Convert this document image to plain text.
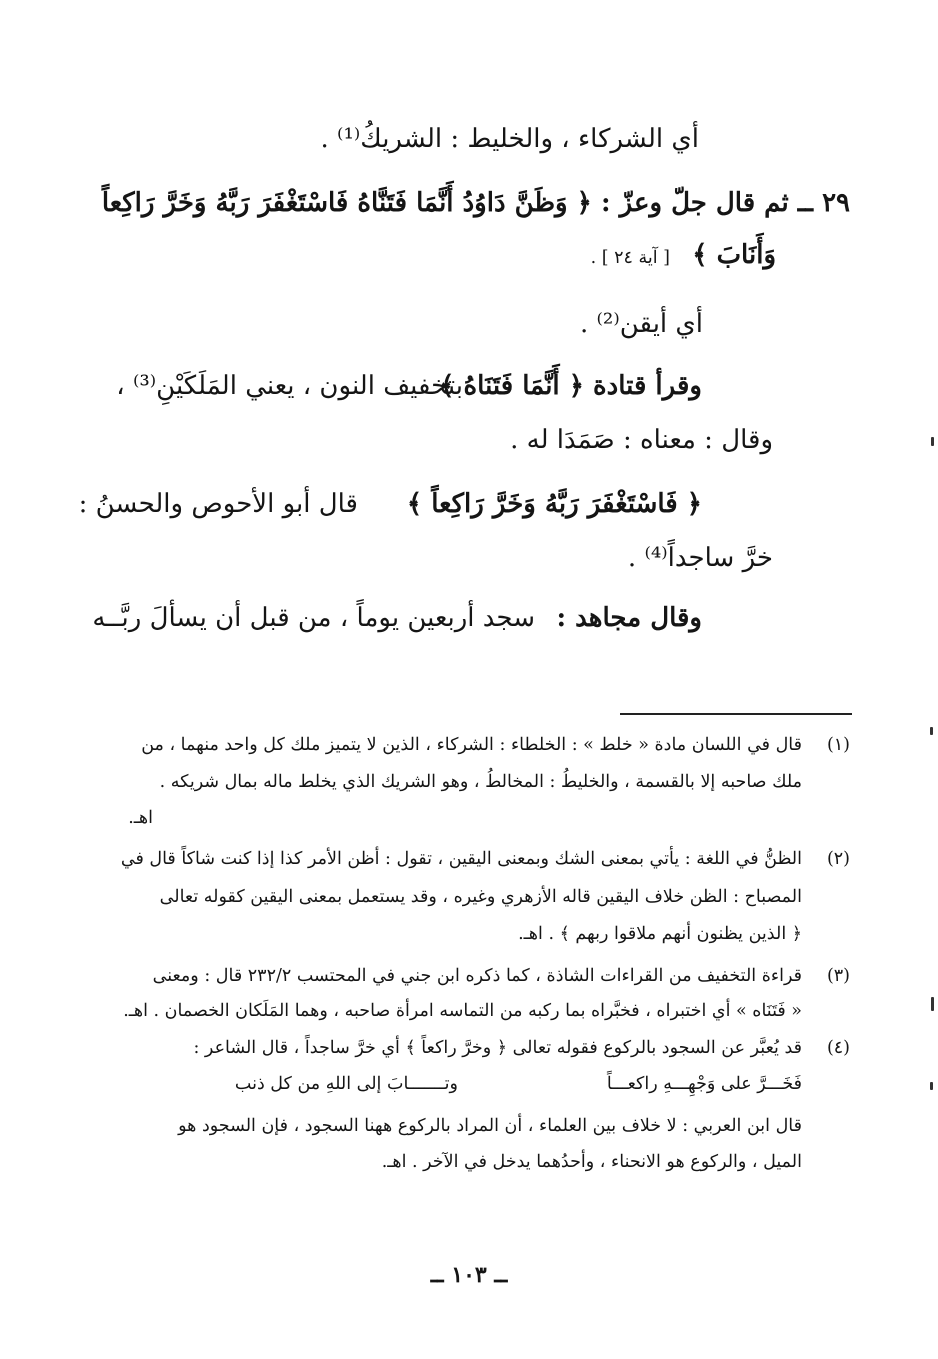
أي الشركاء ، والخليط : الشريكُ⁽¹⁾ .
٢٩ ــ ثم قال جلّ وعزّ : ﴿ وَظَنَّ دَاوُدُ أَنَّمَا فَتَنَّاهُ فَاسْتَغْفَرَ رَبَّهُ وَخَرَّ رَاكِعاً
وَأَنَابَ ﴾
[ آية ٢٤ ] .
أي أيقن⁽²⁾ .
وقرأ قتادة ﴿ أَنَّمَا فَتَنَاهُ ﴾
بتخفيف النون ، يعني المَلَكَيْنِ⁽³⁾ ،
وقال : معناه : صَمَدَا له .
﴿ فَاسْتَغْفَرَ رَبَّهُ وَخَرَّ رَاكِعاً ﴾
قال أبو الأحوص والحسنُ :
خرَّ ساجداً⁽⁴⁾ .
وقال مجاهد :
سجد أربعين يوماً ، من قبل أن يسألَ ربَّــه
(١)
قال في اللسان مادة « خلط » : الخلطاء : الشركاء ، الذين لا يتميز ملك كل واحد منهما ، من
ملك صاحبه إلا بالقسمة ، والخليطُ : المخالطُ ، وهو الشريك الذي يخلط ماله بمال شريكه .
اهـ.
(٢)
الظنُّ في اللغة : يأتي بمعنى الشك وبمعنى اليقين ، تقول : أظن الأمر كذا إذا كنت شاكاً قال في
المصباح : الظن خلاف اليقين قاله الأزهري وغيره ، وقد يستعمل بمعنى اليقين كقوله تعالى
﴿ الذين يظنون أنهم ملاقوا ربهم ﴾ . اهـ.
(٣)
قراءة التخفيف من القراءات الشاذة ، كما ذكره ابن جني في المحتسب ٢٣٢/٢ قال : ومعنى
« فَتَنَاه » أي اختبراه ، فخبَّراه بما ركبه من التماسه امرأة صاحبه ، وهما المَلَكان الخصمان . اهـ.
(٤)
قد يُعبَّر عن السجود بالركوع فقوله تعالى ﴿ وخرَّ راكعاً ﴾ أي خرَّ ساجداً ، قال الشاعر :
فَخَـــرَّ على وَجْهِـــهِ راكعـــاً
وتـــــــابَ إلى اللهِ من كل ذنب
قال ابن العربي : لا خلاف بين العلماء ، أن المراد بالركوع ههنا السجود ، فإن السجود هو
الميل ، والركوع هو الانحناء ، وأحدُهما يدخل في الآخر . اهـ.
ــ ١٠٣ ــ
